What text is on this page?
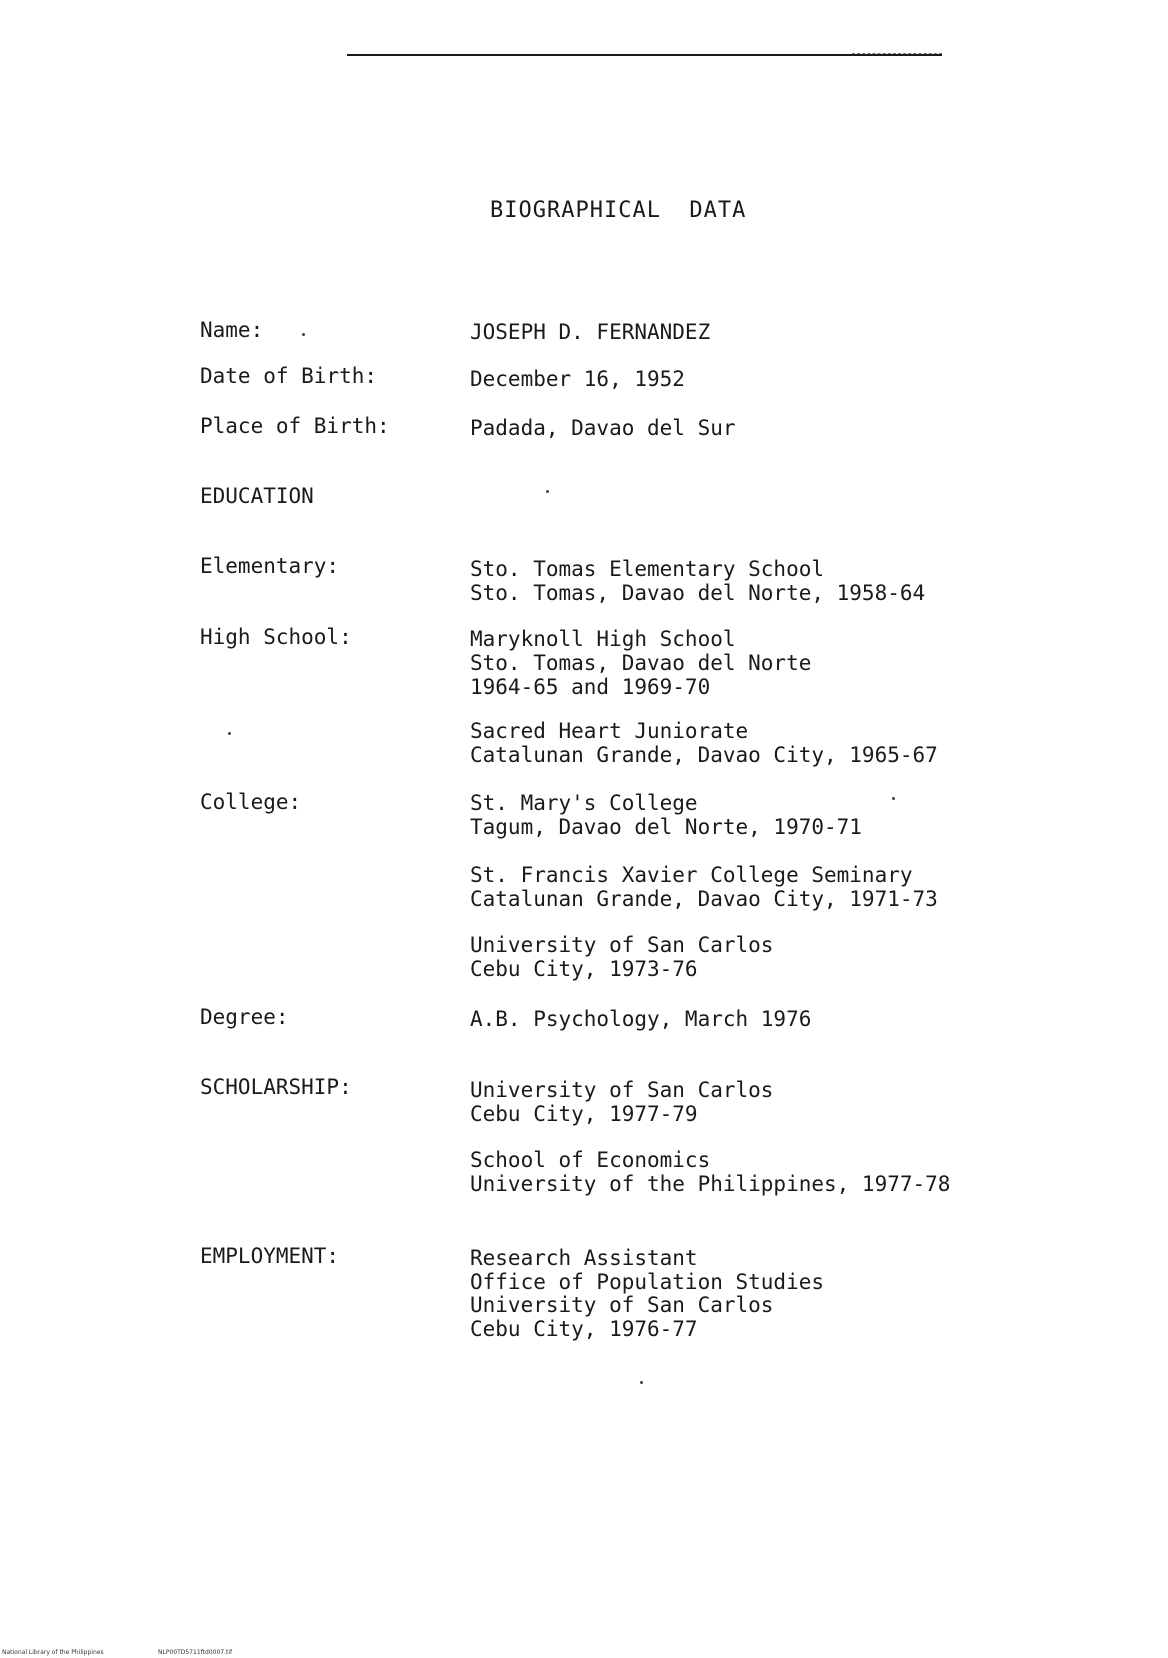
BIOGRAPHICAL  DATA
Name:	JOSEPH D. FERNANDEZ
Date of Birth:	December 16, 1952
Place of Birth:	Padada, Davao del Sur
EDUCATION
Elementary:	Sto. Tomas Elementary School
Sto. Tomas, Davao del Norte, 1958-64
High School:	Maryknoll High School
Sto. Tomas, Davao del Norte
1964-65 and 1969-70
Sacred Heart Juniorate
Catalunan Grande, Davao City, 1965-67
College:	St. Mary's College
Tagum, Davao del Norte, 1970-71
St. Francis Xavier College Seminary
Catalunan Grande, Davao City, 1971-73
University of San Carlos
Cebu City, 1973-76
Degree:	A.B. Psychology, March 1976
SCHOLARSHIP:	University of San Carlos
Cebu City, 1977-79
School of Economics
University of the Philippines, 1977-78
EMPLOYMENT:	Research Assistant
Office of Population Studies
University of San Carlos
Cebu City, 1976-77
National Library of the Philippines	NLP00TD5711ftd0007.tif
